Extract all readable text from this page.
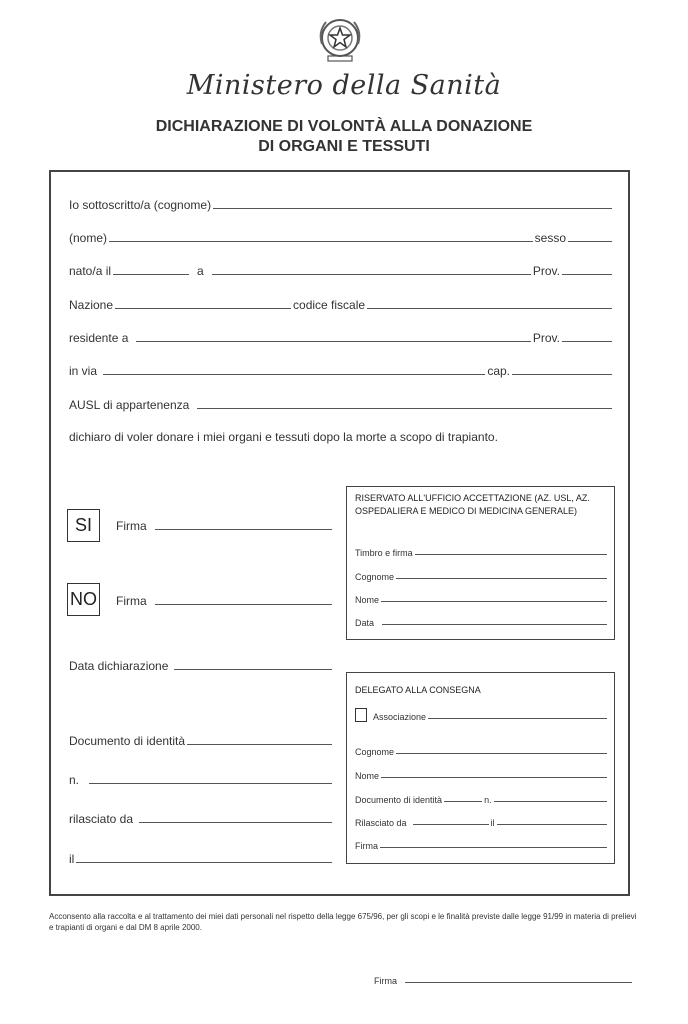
Ministero della Sanità
DICHIARAZIONE DI VOLONTÀ ALLA DONAZIONE
DI ORGANI E TESSUTI
Io sottoscritto/a (cognome)
(nome)	sesso
nato/a il	a	Prov.
Nazione	codice fiscale
residente a	Prov.
in via	cap.
AUSL di appartenenza
dichiaro di voler donare i miei organi e tessuti dopo la morte a scopo di trapianto.
SI	Firma
NO Firma
Data dichiarazione
Documento di identità
n.
rilasciato da
il
RISERVATO ALL'UFFICIO ACCETTAZIONE (AZ. USL, AZ. OSPEDALIERA E MEDICO DI MEDICINA GENERALE)
Timbro e firma
Cognome
Nome
Data
DELEGATO ALLA CONSEGNA
Associazione
Cognome
Nome
Documento di identità	n.
Rilasciato da	il
Firma
Acconsento alla raccolta e al trattamento dei miei dati personali nel rispetto della legge 675/96, per gli scopi e le finalità previste dalle legge 91/99 in materia di prelievi e trapianti di organi e dal DM 8 aprile 2000.
Firma
